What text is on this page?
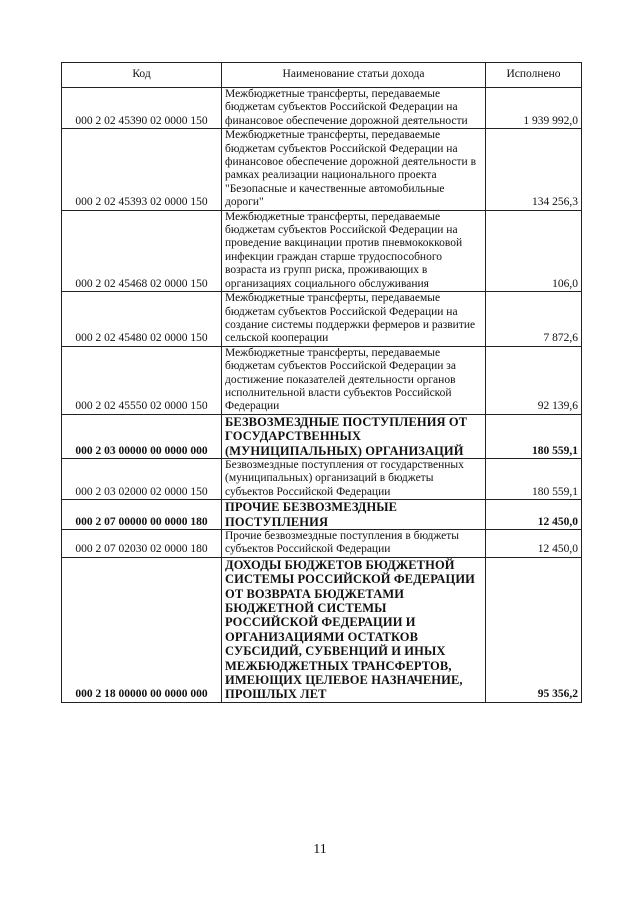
Код	Наименование статьи дохода	Исполнено
000 2 02 45390 02 0000 150	Межбюджетные трансферты, передаваемые бюджетам субъектов Российской Федерации на финансовое обеспечение дорожной деятельности	1 939 992,0
000 2 02 45393 02 0000 150	Межбюджетные трансферты, передаваемые бюджетам субъектов Российской Федерации на финансовое обеспечение дорожной деятельности в рамках реализации национального проекта "Безопасные и качественные автомобильные дороги"	134 256,3
000 2 02 45468 02 0000 150	Межбюджетные трансферты, передаваемые бюджетам субъектов Российской Федерации на проведение вакцинации против пневмококковой инфекции граждан старше трудоспособного возраста из групп риска, проживающих в организациях социального обслуживания	106,0
000 2 02 45480 02 0000 150	Межбюджетные трансферты, передаваемые бюджетам субъектов Российской Федерации на создание системы поддержки фермеров и развитие сельской кооперации	7 872,6
000 2 02 45550 02 0000 150	Межбюджетные трансферты, передаваемые бюджетам субъектов Российской Федерации за достижение показателей деятельности органов исполнительной власти субъектов Российской Федерации	92 139,6
000 2 03 00000 00 0000 000	БЕЗВОЗМЕЗДНЫЕ ПОСТУПЛЕНИЯ ОТ ГОСУДАРСТВЕННЫХ (МУНИЦИПАЛЬНЫХ) ОРГАНИЗАЦИЙ	180 559,1
000 2 03 02000 02 0000 150	Безвозмездные поступления от государственных (муниципальных) организаций в бюджеты субъектов Российской Федерации	180 559,1
000 2 07 00000 00 0000 180	ПРОЧИЕ БЕЗВОЗМЕЗДНЫЕ ПОСТУПЛЕНИЯ	12 450,0
000 2 07 02030 02 0000 180	Прочие безвозмездные поступления в бюджеты субъектов Российской Федерации	12 450,0
000 2 18 00000 00 0000 000	ДОХОДЫ БЮДЖЕТОВ БЮДЖЕТНОЙ СИСТЕМЫ РОССИЙСКОЙ ФЕДЕРАЦИИ ОТ ВОЗВРАТА БЮДЖЕТАМИ БЮДЖЕТНОЙ СИСТЕМЫ РОССИЙСКОЙ ФЕДЕРАЦИИ И ОРГАНИЗАЦИЯМИ ОСТАТКОВ СУБСИДИЙ, СУБВЕНЦИЙ И ИНЫХ МЕЖБЮДЖЕТНЫХ ТРАНСФЕРТОВ, ИМЕЮЩИХ ЦЕЛЕВОЕ НАЗНАЧЕНИЕ, ПРОШЛЫХ ЛЕТ	95 356,2
11
